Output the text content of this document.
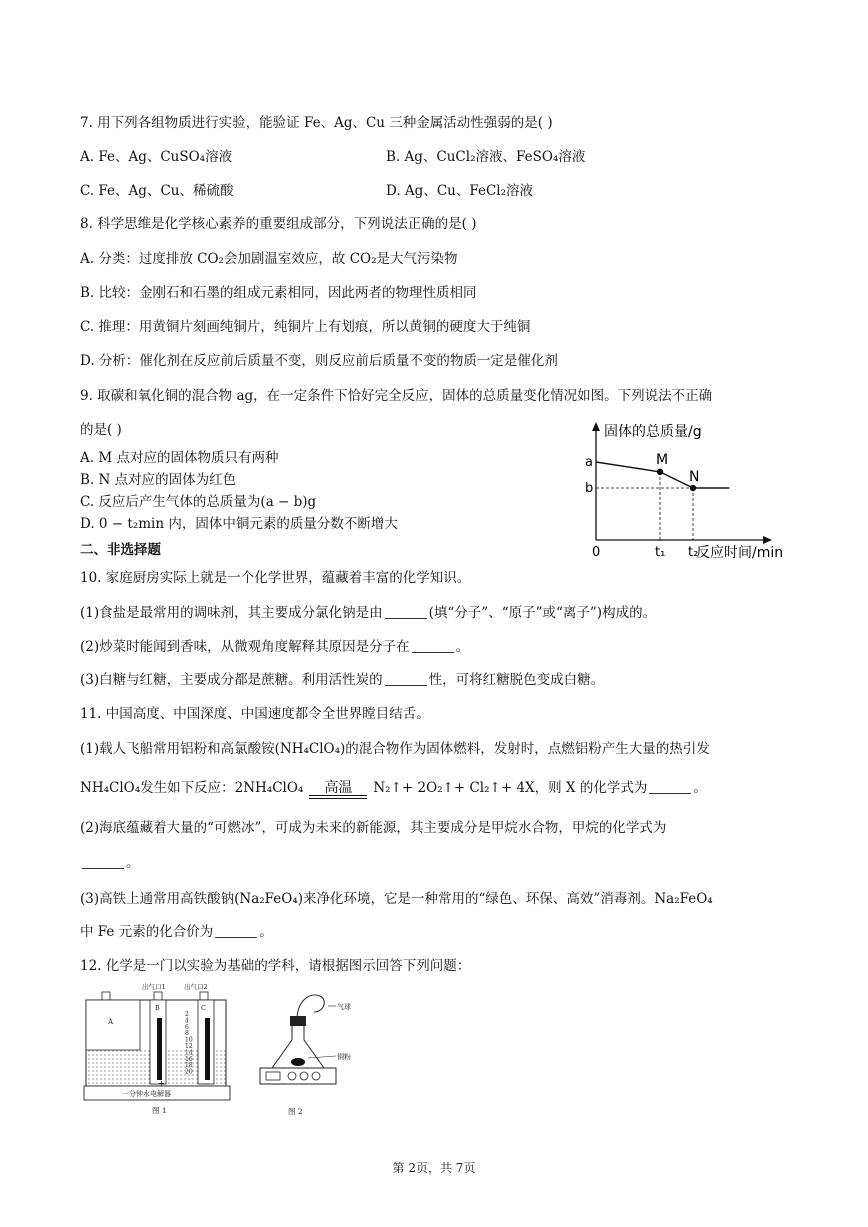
7. 用下列各组物质进行实验，能验证 Fe、Ag、Cu 三种金属活动性强弱的是( )
A. Fe、Ag、CuSO₄溶液	B. Ag、CuCl₂溶液、FeSO₄溶液
C. Fe、Ag、Cu、稀硫酸	D. Ag、Cu、FeCl₂溶液
8. 科学思维是化学核心素养的重要组成部分，下列说法正确的是( )
A. 分类：过度排放 CO₂会加剧温室效应，故 CO₂是大气污染物
B. 比较：金刚石和石墨的组成元素相同，因此两者的物理性质相同
C. 推理：用黄铜片刻画纯铜片，纯铜片上有划痕，所以黄铜的硬度大于纯铜
D. 分析：催化剂在反应前后质量不变，则反应前后质量不变的物质一定是催化剂
9. 取碳和氧化铜的混合物 ag，在一定条件下恰好完全反应，固体的总质量变化情况如图。下列说法不正确
的是( )
A. M 点对应的固体物质只有两种
B. N 点对应的固体为红色
C. 反应后产生气体的总质量为(a − b)g
D. 0 − t₂min 内，固体中铜元素的质量分数不断增大
固体的总质量/g
反应时间/min
M
N
a
b
0	t₁ t₂
二、非选择题
10. 家庭厨房实际上就是一个化学世界，蕴藏着丰富的化学知识。
(1)食盐是最常用的调味剂，其主要成分氯化钠是由	(填“分子”、“原子”或“离子”)构成的。
(2)炒菜时能闻到香味，从微观角度解释其原因是分子在	。
(3)白糖与红糖，主要成分都是蔗糖。利用活性炭的	性，可将红糖脱色变成白糖。
11. 中国高度、中国深度、中国速度都令全世界瞠目结舌。
(1)载人飞船常用铝粉和高氯酸铵(NH₄ClO₄)的混合物作为固体燃料，发射时，点燃铝粉产生大量的热引发
NH₄ClO₄发生如下反应：2NH₄ClO₄	高温	N₂↑+ 2O₂↑+ Cl₂↑+ 4X，则 X 的化学式为	。
(2)海底蕴藏着大量的“可燃冰”，可成为未来的新能源，其主要成分是甲烷水合物，甲烷的化学式为
。
(3)高铁上通常用高铁酸钠(Na₂FeO₄)来净化环境，它是一种常用的“绿色、环保、高效”消毒剂。Na₂FeO₄
中 Fe 元素的化合价为	。
12. 化学是一门以实验为基础的学科，请根据图示回答下列问题：
出气口1	出气口2
A
B	C
2
4
6
8
10
12
14
16
18
20
+	—
一分钟水电解器
图 1
气球
铜粉
图 2
第 2页，共 7页
